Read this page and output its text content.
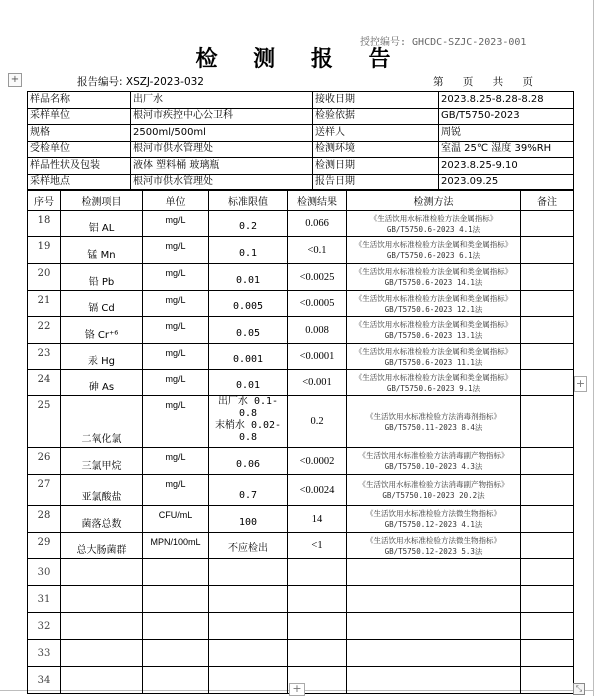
授控编号: GHCDC-SZJC-2023-001
检 测 报 告
+	报告编号: XSZJ-2023-032	第 页 共 页
样品名称	出厂水	接收日期	2023.8.25-8.28-8.28
采样单位	根河市疾控中心公卫科	检验依据	GB/T5750-2023
规格	2500ml/500ml	送样人	周锐
受检单位	根河市供水管理处	检测环境	室温 25℃ 湿度 39%RH
样品性状及包装	液体 塑料桶 玻璃瓶	检测日期	2023.8.25-9.10
采样地点	根河市供水管理处	报告日期	2023.09.25
序号	检测项目	单位	标准限值	检测结果	检测方法	备注
18	铝 AL	mg/L	0.2	0.066	《生活饮用水标准检验方法金属指标》 GB/T5750.6-2023 4.1法	
19	锰 Mn	mg/L	0.1	<0.1	《生活饮用水标准检验方法金属和类金属指标》GB/T5750.6-2023 6.1法	
20	铅 Pb	mg/L	0.01	<0.0025	《生活饮用水标准检验方法金属和类金属指标》GB/T5750.6-2023 14.1法	
21	镉 Cd	mg/L	0.005	<0.0005	《生活饮用水标准检验方法金属和类金属指标》GB/T5750.6-2023 12.1法	
22	铬 Cr⁺⁶	mg/L	0.05	0.008	《生活饮用水标准检验方法金属和类金属指标》GB/T5750.6-2023 13.1法	
23	汞 Hg	mg/L	0.001	<0.0001	《生活饮用水标准检验方法金属和类金属指标》GB/T5750.6-2023 11.1法	
24	砷 As	mg/L	0.01	<0.001	《生活饮用水标准检验方法金属和类金属指标》GB/T5750.6-2023 9.1法	
25	二氧化氯	mg/L	出厂水 0.1-0.8
末梢水 0.02-0.8	0.2	《生活饮用水标准检验方法消毒剂指标》 GB/T5750.11-2023 8.4法	
26	三氯甲烷	mg/L	0.06	<0.0002	《生活饮用水标准检验方法消毒副产物指标》 GB/T5750.10-2023 4.3法	
27	亚氯酸盐	mg/L	0.7	<0.0024	《生活饮用水标准检验方法消毒副产物指标》 GB/T5750.10-2023 20.2法	
28	菌落总数	CFU/mL	100	14	《生活饮用水标准检验方法微生物指标》 GB/T5750.12-2023 4.1法	
29	总大肠菌群	MPN/100mL	不应检出	<1	《生活饮用水标准检验方法微生物指标》 GB/T5750.12-2023 5.3法	
30						
31						
32						
33						
34						
+
+	⤡
